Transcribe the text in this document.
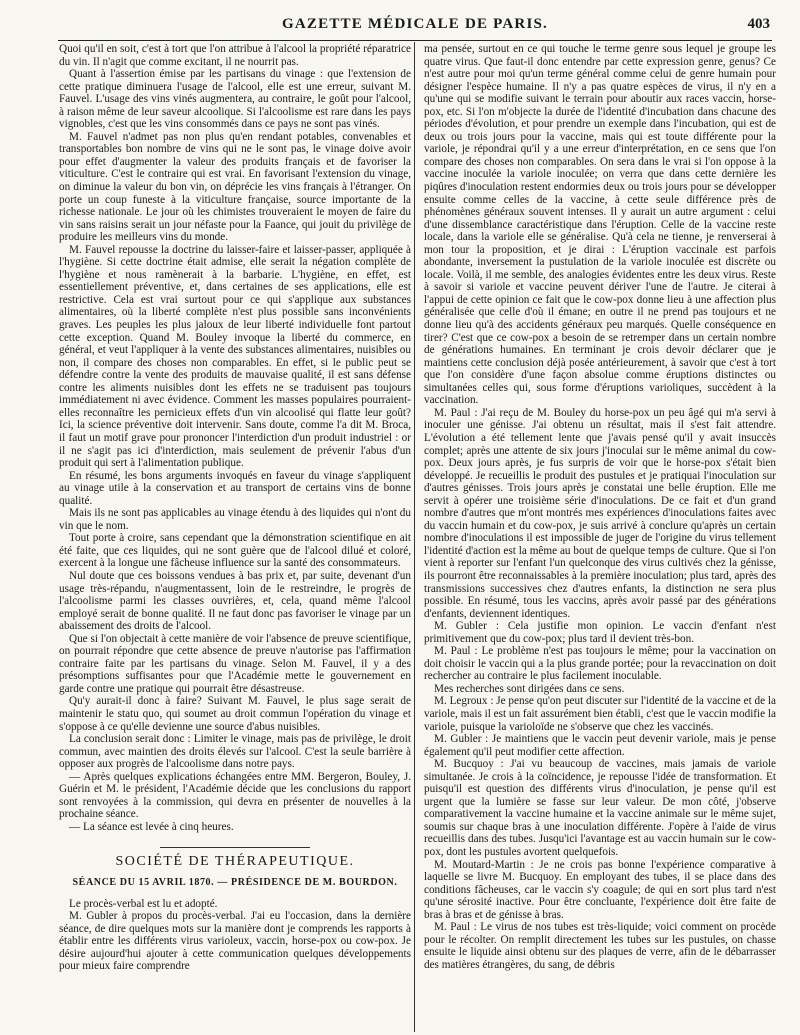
GAZETTE MÉDICALE DE PARIS.	403

Quoi qu'il en soit, c'est à tort que l'on attribue à l'alcool la propriété réparatrice du vin. Il n'agit que comme excitant, il ne nourrit pas.

Quant à l'assertion émise par les partisans du vinage : que l'extension de cette pratique diminuera l'usage de l'alcool, elle est une erreur, suivant M. Fauvel. L'usage des vins vinés augmentera, au contraire, le goût pour l'alcool, à raison même de leur saveur alcoolique. Si l'alcoolisme est rare dans les pays vignobles, c'est que les vins consommés dans ce pays ne sont pas vinés.

M. Fauvel n'admet pas non plus qu'en rendant potables, convenables et transportables bon nombre de vins qui ne le sont pas, le vinage doive avoir pour effet d'augmenter la valeur des produits français et de favoriser la viticulture. C'est le contraire qui est vrai. En favorisant l'extension du vinage, on diminue la valeur du bon vin, on déprécie les vins français à l'étranger. On porte un coup funeste à la viticulture française, source importante de la richesse nationale. Le jour où les chimistes trouveraient le moyen de faire du vin sans raisins serait un jour néfaste pour la Faance, qui jouit du privilège de produire les meilleurs vins du monde.

M. Fauvel repousse la doctrine du laisser-faire et laisser-passer, appliquée à l'hygiène. Si cette doctrine était admise, elle serait la négation complète de l'hygiène et nous ramènerait à la barbarie. L'hygiène, en effet, est essentiellement préventive, et, dans certaines de ses applications, elle est restrictive. Cela est vrai surtout pour ce qui s'applique aux substances alimentaires, où la liberté complète n'est plus possible sans inconvénients graves. Les peuples les plus jaloux de leur liberté individuelle font partout cette exception. Quand M. Bouley invoque la liberté du commerce, en général, et veut l'appliquer à la vente des substances alimentaires, nuisibles ou non, il compare des choses non comparables. En effet, si le public peut se défendre contre la vente des produits de mauvaise qualité, il est sans défense contre les aliments nuisibles dont les effets ne se traduisent pas toujours immédiatement ni avec évidence. Comment les masses populaires pourraient-elles reconnaître les pernicieux effets d'un vin alcoolisé qui flatte leur goût? Ici, la science préventive doit intervenir. Sans doute, comme l'a dit M. Broca, il faut un motif grave pour prononcer l'interdiction d'un produit industriel : or il ne s'agit pas ici d'interdiction, mais seulement de prévenir l'abus d'un produit qui sert à l'alimentation publique.

En résumé, les bons arguments invoqués en faveur du vinage s'appliquent au vinage utile à la conservation et au transport de certains vins de bonne qualité.

Mais ils ne sont pas applicables au vinage étendu à des liquides qui n'ont du vin que le nom.

Tout porte à croire, sans cependant que la démonstration scientifique en ait été faite, que ces liquides, qui ne sont guère que de l'alcool dilué et coloré, exercent à la longue une fâcheuse influence sur la santé des consommateurs.

Nul doute que ces boissons vendues à bas prix et, par suite, devenant d'un usage très-répandu, n'augmentassent, loin de le restreindre, le progrès de l'alcoolisme parmi les classes ouvrières, et, cela, quand même l'alcool employé serait de bonne qualité. Il ne faut donc pas favoriser le vinage par un abaissement des droits de l'alcool.

Que si l'on objectait à cette manière de voir l'absence de preuve scientifique, on pourrait répondre que cette absence de preuve n'autorise pas l'affirmation contraire faite par les partisans du vinage. Selon M. Fauvel, il y a des présomptions suffisantes pour que l'Académie mette le gouvernement en garde contre une pratique qui pourrait être désastreuse.

Qu'y aurait-il donc à faire? Suivant M. Fauvel, le plus sage serait de maintenir le statu quo, qui soumet au droit commun l'opération du vinage et s'oppose à ce qu'elle devienne une source d'abus nuisibles.

La conclusion serait donc : Limiter le vinage, mais pas de privilège, le droit commun, avec maintien des droits élevés sur l'alcool. C'est la seule barrière à opposer aux progrès de l'alcoolisme dans notre pays.

— Après quelques explications échangées entre MM. Bergeron, Bouley, J. Guérin et M. le président, l'Académie décide que les conclusions du rapport sont renvoyées à la commission, qui devra en présenter de nouvelles à la prochaine séance.

— La séance est levée à cinq heures.

SOCIÉTÉ DE THÉRAPEUTIQUE.
SÉANCE DU 15 AVRIL 1870. — PRÉSIDENCE DE M. BOURDON.

Le procès-verbal est lu et adopté.

M. Gubler à propos du procès-verbal. J'ai eu l'occasion, dans la dernière séance, de dire quelques mots sur la manière dont je comprends les rapports à établir entre les différents virus varioleux, vaccin, horse-pox ou cow-pox. Je désire aujourd'hui ajouter à cette communication quelques développements pour mieux faire comprendre

ma pensée, surtout en ce qui touche le terme genre sous lequel je groupe les quatre virus. Que faut-il donc entendre par cette expression genre, genus? Ce n'est autre pour moi qu'un terme général comme celui de genre humain pour désigner l'espèce humaine. Il n'y a pas quatre espèces de virus, il n'y en a qu'une qui se modifie suivant le terrain pour aboutir aux races vaccin, horse-pox, etc. Si l'on m'objecte la durée de l'identité d'incubation dans chacune des périodes d'évolution, et pour prendre un exemple dans l'incubation, qui est de deux ou trois jours pour la vaccine, mais qui est toute différente pour la variole, je répondrai qu'il y a une erreur d'interprétation, en ce sens que l'on compare des choses non comparables. On sera dans le vrai si l'on oppose à la vaccine inoculée la variole inoculée; on verra que dans cette dernière les piqûres d'inoculation restent endormies deux ou trois jours pour se développer ensuite comme celles de la vaccine, à cette seule différence près de phénomènes généraux souvent intenses. Il y aurait un autre argument : celui d'une dissemblance caractéristique dans l'éruption. Celle de la vaccine reste locale, dans la variole elle se généralise. Qu'à cela ne tienne, je renverserai à mon tour la proposition, et je dirai : L'éruption vaccinale est parfois abondante, inversement la pustulation de la variole inoculée est discrète ou locale. Voilà, il me semble, des analogies évidentes entre les deux virus. Reste à savoir si variole et vaccine peuvent dériver l'une de l'autre. Je citerai à l'appui de cette opinion ce fait que le cow-pox donne lieu à une affection plus généralisée que celle d'où il émane; en outre il ne prend pas toujours et ne donne lieu qu'à des accidents généraux peu marqués. Quelle conséquence en tirer? C'est que ce cow-pox a besoin de se retremper dans un certain nombre de générations humaines. En terminant je crois devoir déclarer que je maintiens cette conclusion déjà posée antérieurement, à savoir que c'est à tort que l'on considère d'une façon absolue comme éruptions distinctes ou simultanées celles qui, sous forme d'éruptions varioliques, succèdent à la vaccination.

M. Paul : J'ai reçu de M. Bouley du horse-pox un peu âgé qui m'a servi à inoculer une génisse. J'ai obtenu un résultat, mais il s'est fait attendre. L'évolution a été tellement lente que j'avais pensé qu'il y avait insuccès complet; après une attente de six jours j'inoculai sur le même animal du cow-pox. Deux jours après, je fus surpris de voir que le horse-pox s'était bien développé. Je recueillis le produit des pustules et je pratiquai l'inoculation sur d'autres génisses. Trois jours après je constatai une belle éruption. Elle me servit à opérer une troisième série d'inoculations. De ce fait et d'un grand nombre d'autres que m'ont montrés mes expériences d'inoculations faites avec du vaccin humain et du cow-pox, je suis arrivé à conclure qu'après un certain nombre d'inoculations il est impossible de juger de l'origine du virus tellement l'identité d'action est la même au bout de quelque temps de culture. Que si l'on vient à reporter sur l'enfant l'un quelconque des virus cultivés chez la génisse, ils pourront être reconnaissables à la première inoculation; plus tard, après des transmissions successives chez d'autres enfants, la distinction ne sera plus possible. En résumé, tous les vaccins, après avoir passé par des générations d'enfants, deviennent identiques.

M. Gubler : Cela justifie mon opinion. Le vaccin d'enfant n'est primitivement que du cow-pox; plus tard il devient très-bon.

M. Paul : Le problème n'est pas toujours le même; pour la vaccination on doit choisir le vaccin qui a la plus grande portée; pour la revaccination on doit rechercher au contraire le plus facilement inoculable.

Mes recherches sont dirigées dans ce sens.

M. Legroux : Je pense qu'on peut discuter sur l'identité de la vaccine et de la variole, mais il est un fait assurément bien établi, c'est que le vaccin modifie la variole, puisque la varioloïde ne s'observe que chez les vaccinés.

M. Gubler : Je maintiens que le vaccin peut devenir variole, mais je pense également qu'il peut modifier cette affection.

M. Bucquoy : J'ai vu beaucoup de vaccines, mais jamais de variole simultanée. Je crois à la coïncidence, je repousse l'idée de transformation. Et puisqu'il est question des différents virus d'inoculation, je pense qu'il est urgent que la lumière se fasse sur leur valeur. De mon côté, j'observe comparativement la vaccine humaine et la vaccine animale sur le même sujet, soumis sur chaque bras à une inoculation différente. J'opère à l'aide de virus recueillis dans des tubes. Jusqu'ici l'avantage est au vaccin humain sur le cow-pox, dont les pustules avortent quelquefois.

M. Moutard-Martin : Je ne crois pas bonne l'expérience comparative à laquelle se livre M. Bucquoy. En employant des tubes, il se place dans des conditions fâcheuses, car le vaccin s'y coagule; de qui en sort plus tard n'est qu'une sérosité inactive. Pour être concluante, l'expérience doit être faite de bras à bras et de génisse à bras.

M. Paul : Le virus de nos tubes est très-liquide; voici comment on procède pour le récolter. On remplit directement les tubes sur les pustules, on chasse ensuite le liquide ainsi obtenu sur des plaques de verre, afin de le débarrasser des matières étrangères, du sang, de débris
